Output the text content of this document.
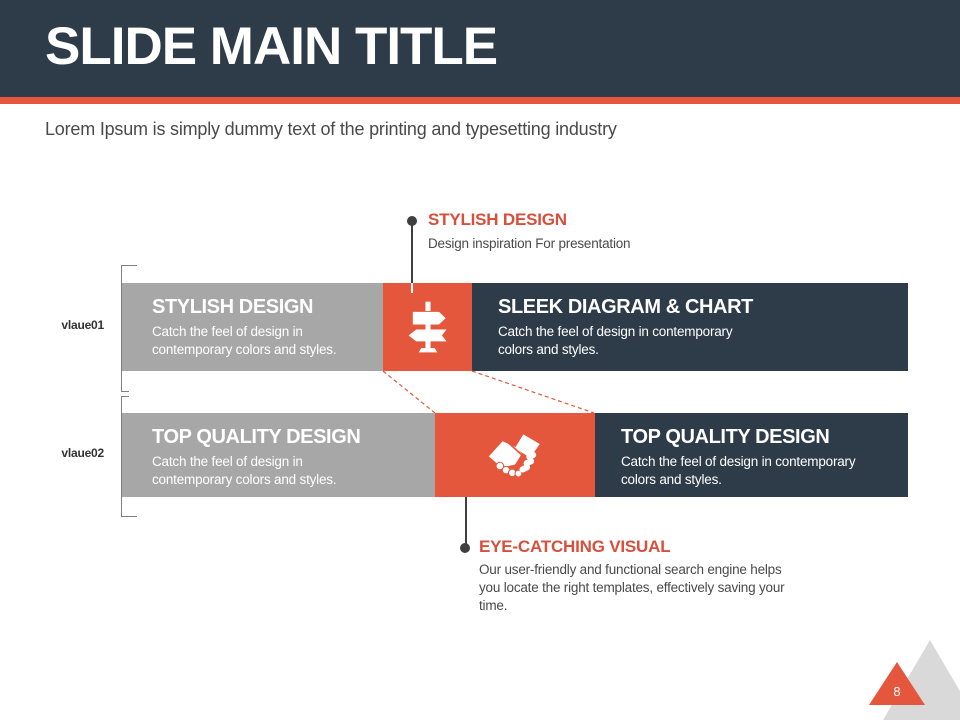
SLIDE MAIN TITLE
Lorem Ipsum is simply dummy text of the printing and typesetting industry
STYLISH DESIGN
Design inspiration For presentation
vlaue01
vlaue02
STYLISH DESIGN
Catch the feel of design in contemporary colors and styles.
SLEEK DIAGRAM & CHART
Catch the feel of design in contemporary colors and styles.
TOP QUALITY DESIGN
Catch the feel of design in contemporary colors and styles.
TOP QUALITY DESIGN
Catch the feel of design in contemporary colors and styles.
EYE-CATCHING VISUAL
Our user-friendly and functional search engine helps you locate the right templates, effectively saving your time.
8
